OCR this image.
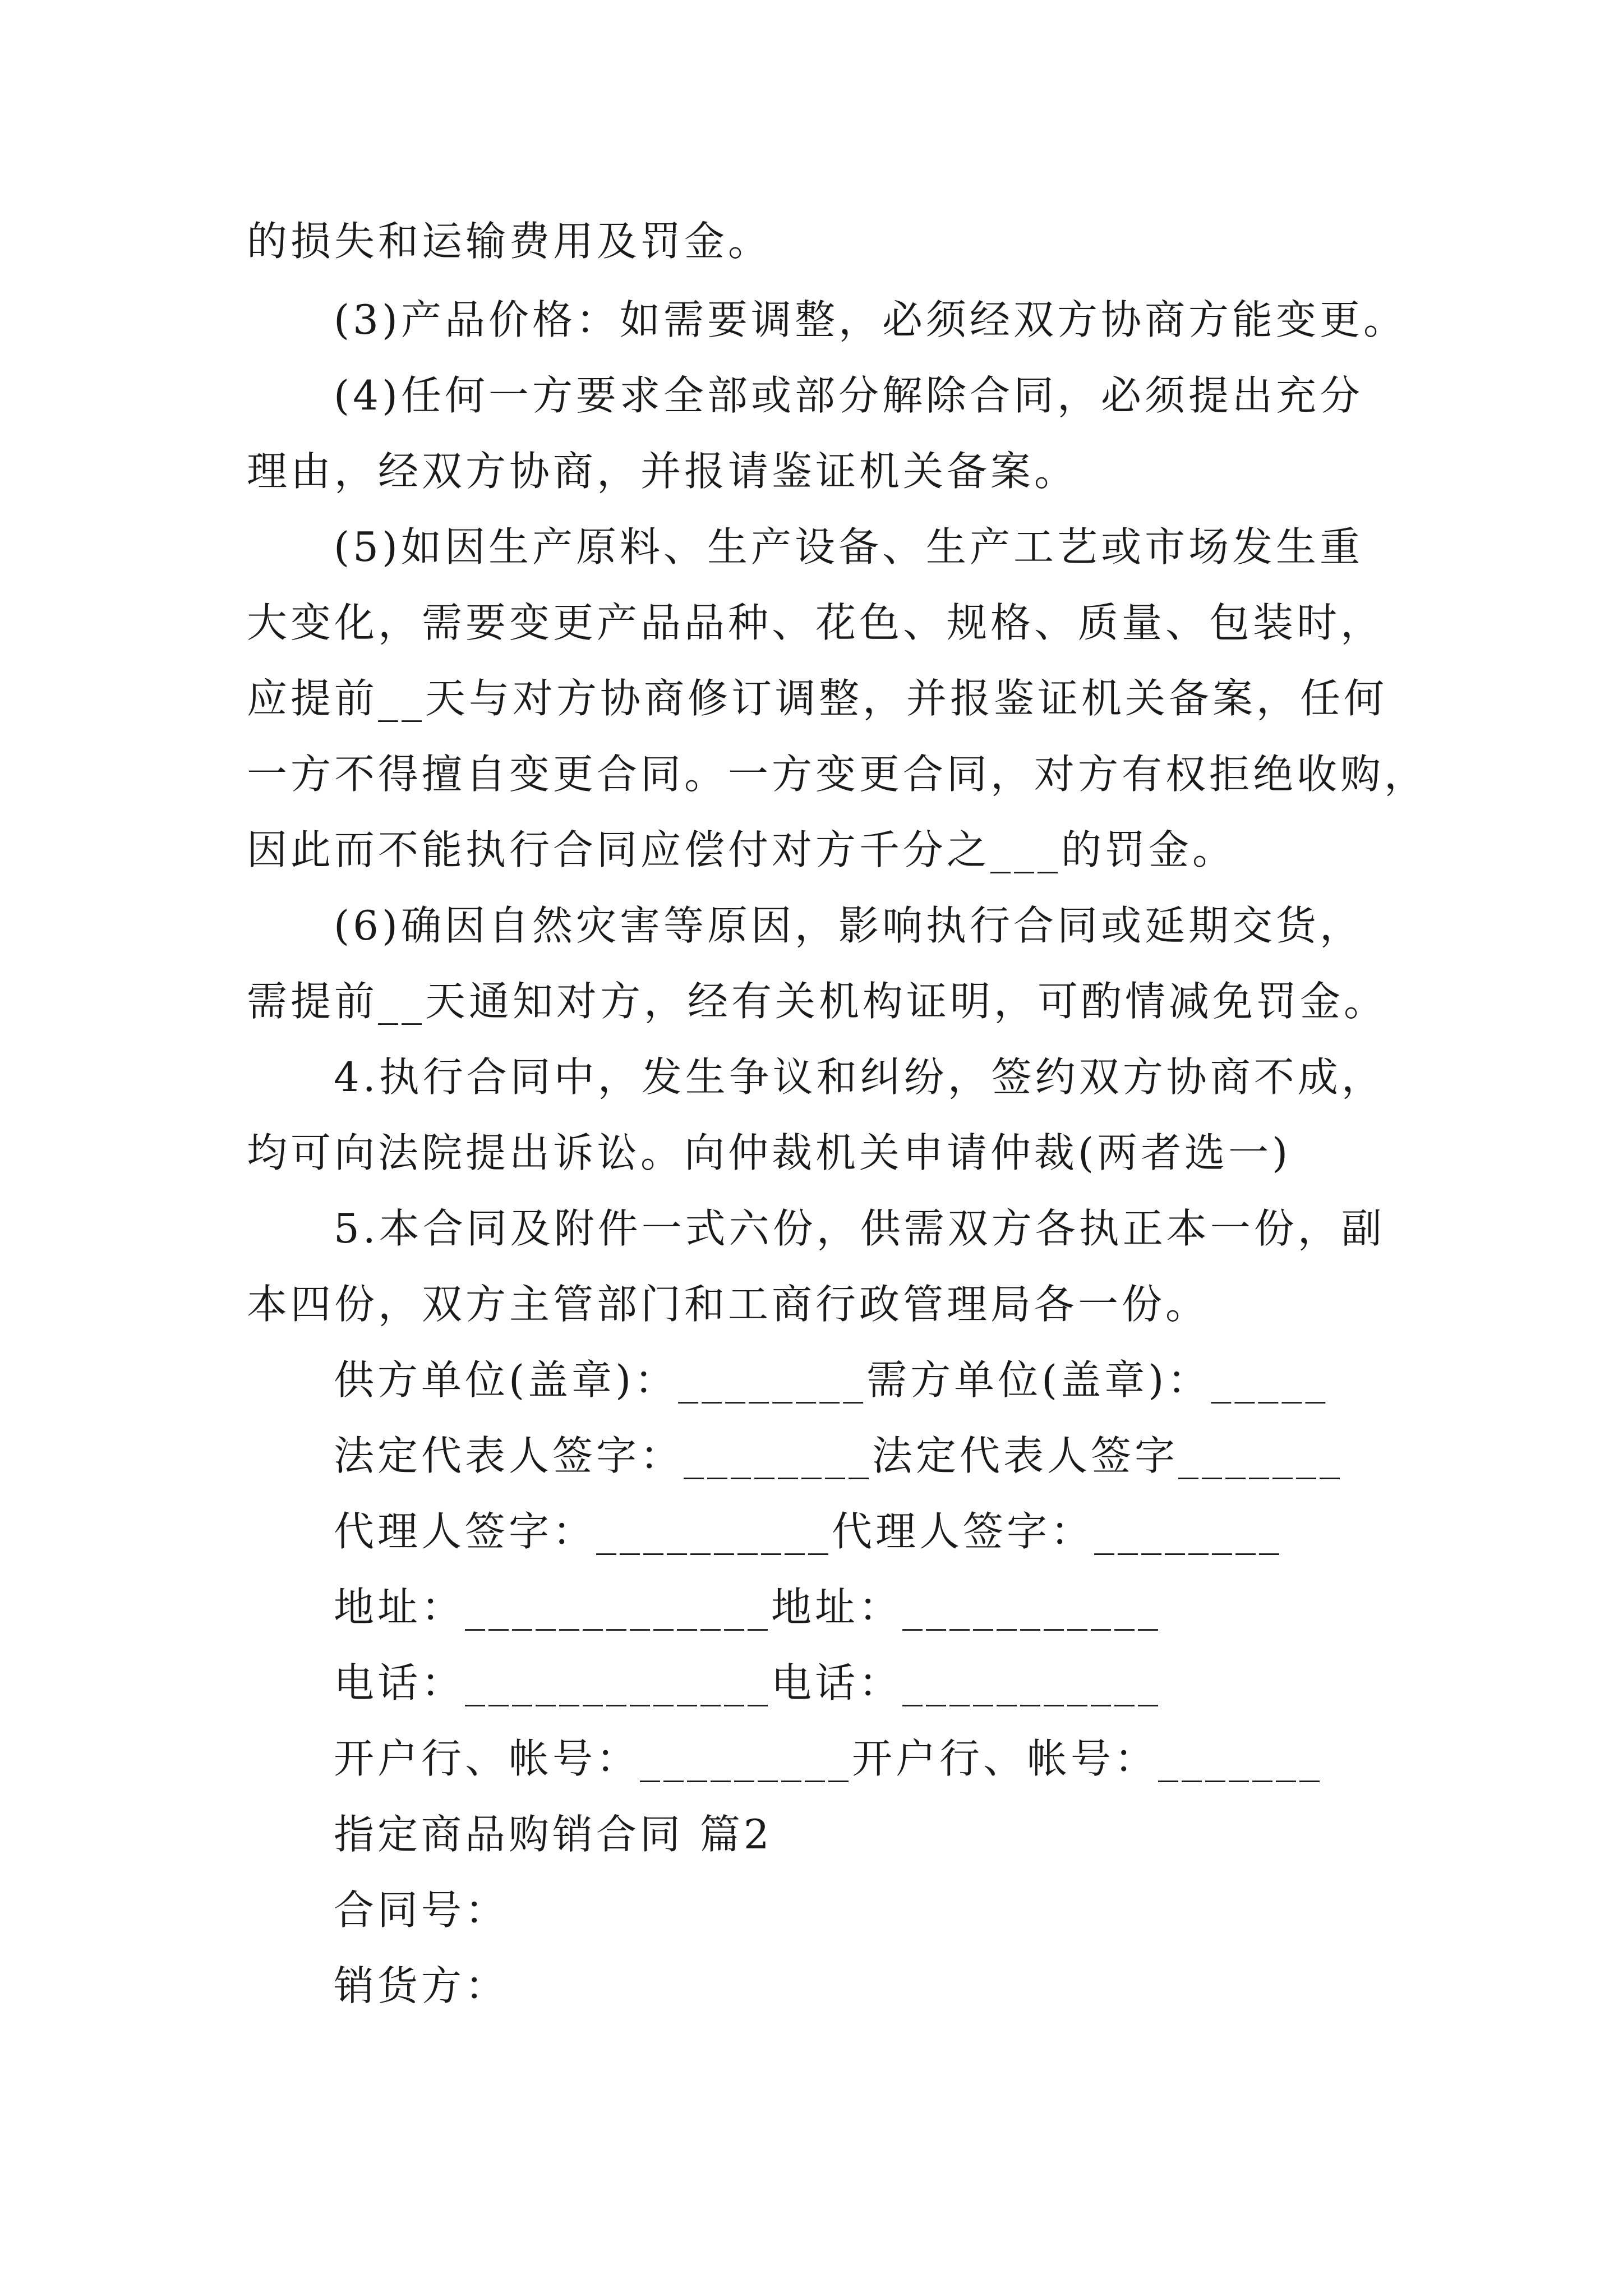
的损失和运输费用及罚金。
(3)产品价格：如需要调整，必须经双方协商方能变更。
(4)任何一方要求全部或部分解除合同，必须提出充分
理由，经双方协商，并报请鉴证机关备案。
(5)如因生产原料、生产设备、生产工艺或市场发生重
大变化，需要变更产品品种、花色、规格、质量、包装时，
应提前__天与对方协商修订调整，并报鉴证机关备案，任何
一方不得擅自变更合同。一方变更合同，对方有权拒绝收购，
因此而不能执行合同应偿付对方千分之___的罚金。
(6)确因自然灾害等原因，影响执行合同或延期交货，
需提前__天通知对方，经有关机构证明，可酌情减免罚金。
4.执行合同中，发生争议和纠纷，签约双方协商不成，
均可向法院提出诉讼。向仲裁机关申请仲裁(两者选一)
5.本合同及附件一式六份，供需双方各执正本一份，副
本四份，双方主管部门和工商行政管理局各一份。
供方单位(盖章)：________需方单位(盖章)：_____
法定代表人签字：________法定代表人签字_______
代理人签字：__________代理人签字：________
地址：_____________地址：___________
电话：_____________电话：___________
开户行、帐号：_________开户行、帐号：_______
指定商品购销合同 篇2
合同号：
销货方：
